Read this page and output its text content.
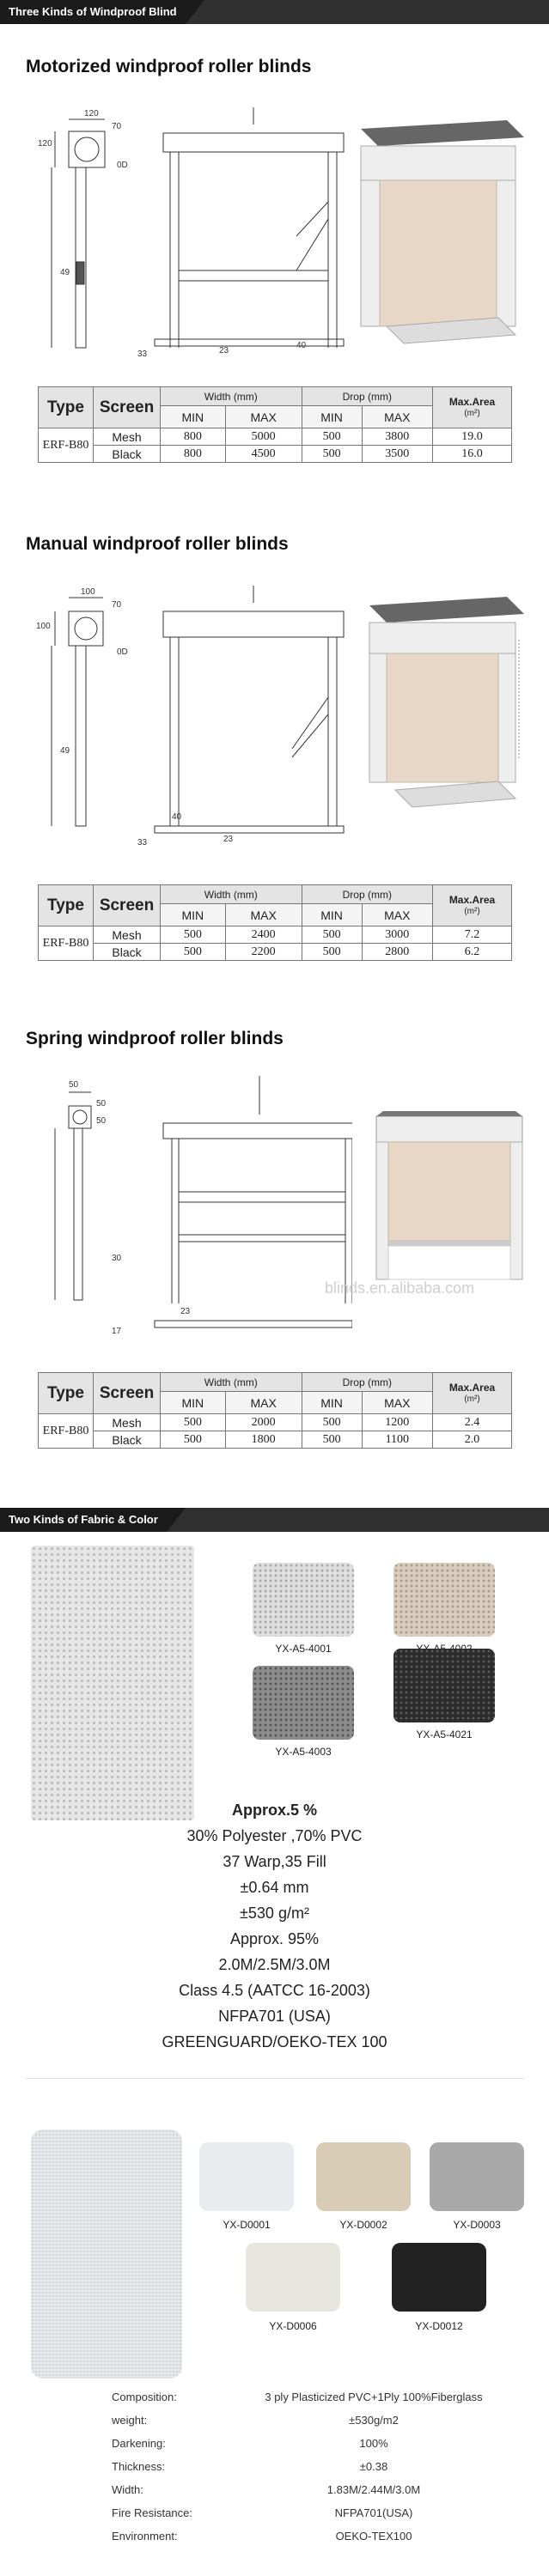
Three Kinds of Windproof Blind
Motorized windproof roller blinds
120
70
120
0D
49
23
40
33
Type	Screen	Width (mm)		Drop (mm)		Max.Area
(m²)

		MIN	MAX	MIN	MAX	
ERF-B80	Mesh	800	5000	500	3800	19.0
	Black	800	4500	500	3500	16.0
Manual windproof roller blinds
100
70
100
0D
49
23
40
33
Type	Screen	Width (mm)		Drop (mm)		Max.Area
(m²)

		MIN	MAX	MIN	MAX	
ERF-B80	Mesh	500	2400	500	3000	7.2
	Black	500	2200	500	2800	6.2
Spring windproof roller blinds
50
50
50
30
23
17
blinds.en.alibaba.com
Type	Screen	Width (mm)		Drop (mm)		Max.Area
(m²)

		MIN	MAX	MIN	MAX	
ERF-B80	Mesh	500	2000	500	1200	2.4
	Black	500	1800	500	1100	2.0
Two Kinds of Fabric & Color
YX-A5-4001
YX-A5-4003
YX-A5-4021
Approx.5 %
30% Polyester ,70% PVC
37 Warp,35 Fill
±0.64 mm
±530 g/m²
Approx. 95%
2.0M/2.5M/3.0M
Class 4.5 (AATCC 16-2003)
NFPA701 (USA)
GREENGUARD/OEKO-TEX 100
YX-D0001	YX-D0002	YX-D0003
YX-D0006	YX-D0012
Composition:	3 ply Plasticized PVC+1Ply 100%Fiberglass
weight:	±530g/m2
Darkening:	100%
Thickness:	±0.38
Width:	1.83M/2.44M/3.0M
Fire Resistance:	NFPA701(USA)
Environment:	OEKO-TEX100
